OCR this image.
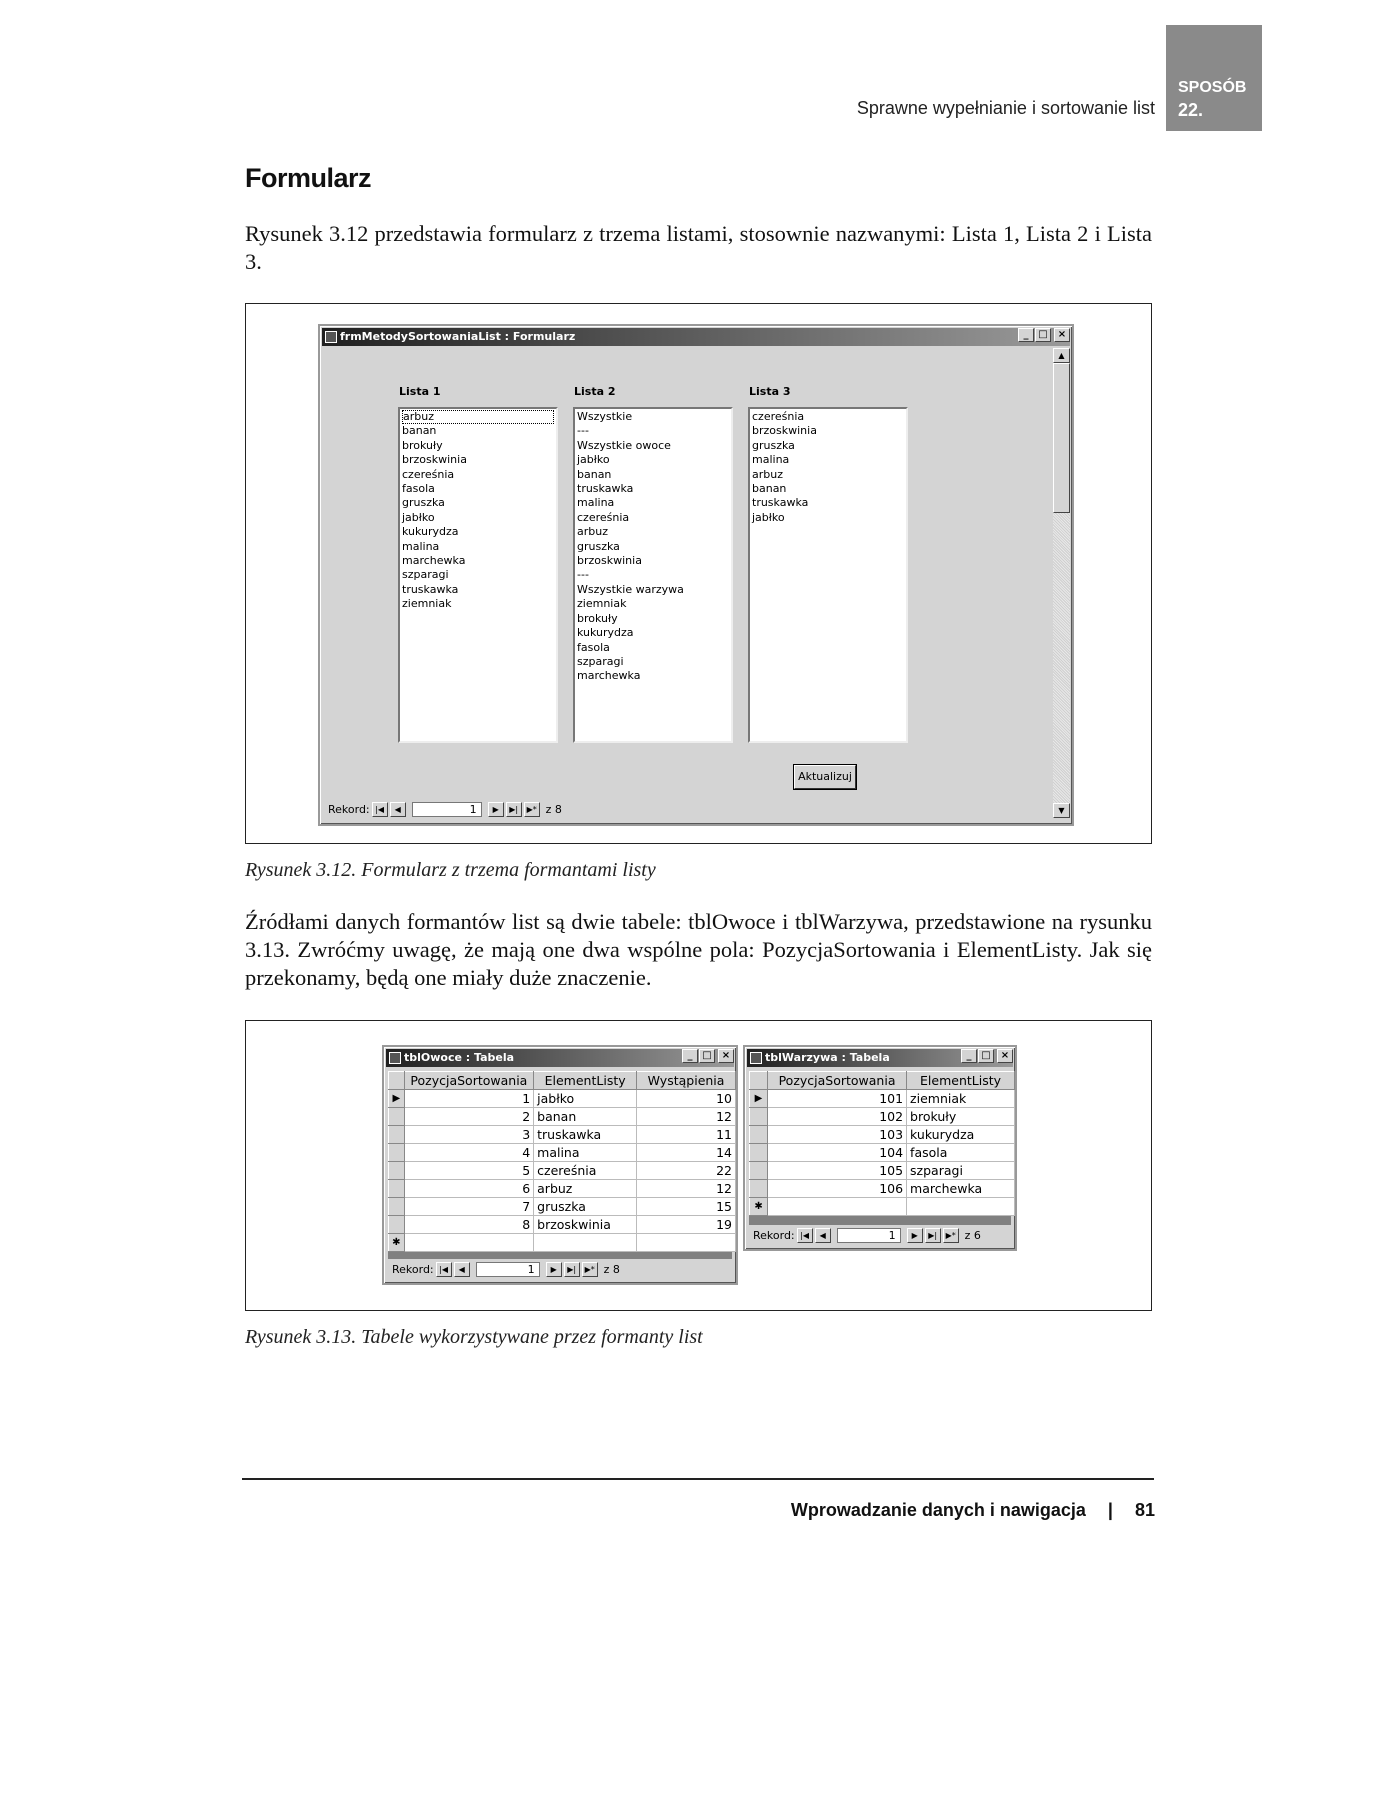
Sprawne wypełnianie i sortowanie list
SPOSÓB
22.
Formularz
Rysunek 3.12 przedstawia formularz z trzema listami, stosownie nazwanymi: Lista 1, Lista 2 i Lista 3.
frmMetodySortowaniaList : Formularz	_ □	×
Lista 1
arbuz
banan
brokuły
brzoskwinia
czereśnia
fasola
gruszka
jabłko
kukurydza
malina
marchewka
szparagi
truskawka
ziemniak
Lista 2
Wszystkie
---
Wszystkie owoce
jabłko
banan
truskawka
malina
czereśnia
arbuz
gruszka
brzoskwinia
---
Wszystkie warzywa
ziemniak
brokuły
kukurydza
fasola
szparagi
marchewka
Lista 3
czereśnia
brzoskwinia
gruszka
malina
arbuz
banan
truskawka
jabłko
Aktualizuj
▲
▼
Rekord: |◀	◀	1	▶	▶|	▶* z 8
Rysunek 3.12. Formularz z trzema formantami listy
Źródłami danych formantów list są dwie tabele: tblOwoce i tblWarzywa, przedstawione na rysunku 3.13. Zwróćmy uwagę, że mają one dwa wspólne pola: PozycjaSortowania i ElementListy. Jak się przekonamy, będą one miały duże znaczenie.
tblOwoce : Tabela	_ □	×
	PozycjaSortowania	ElementListy	Wystąpienia
▶	1	jabłko	10
	2	banan	12
	3	truskawka	11
	4	malina	14
	5	czereśnia	22
	6	arbuz	12
	7	gruszka	15
	8	brzoskwinia	19
✱			
Rekord: |◀	◀	1	▶	▶|	▶* z 8
tblWarzywa : Tabela	_ □	×
	PozycjaSortowania	ElementListy
▶	101	ziemniak
	102	brokuły
	103	kukurydza
	104	fasola
	105	szparagi
	106	marchewka
✱		
Rekord: |◀	◀	1	▶	▶|	▶* z 6
Rysunek 3.13. Tabele wykorzystywane przez formanty list
Wprowadzanie danych i nawigacja | 81
